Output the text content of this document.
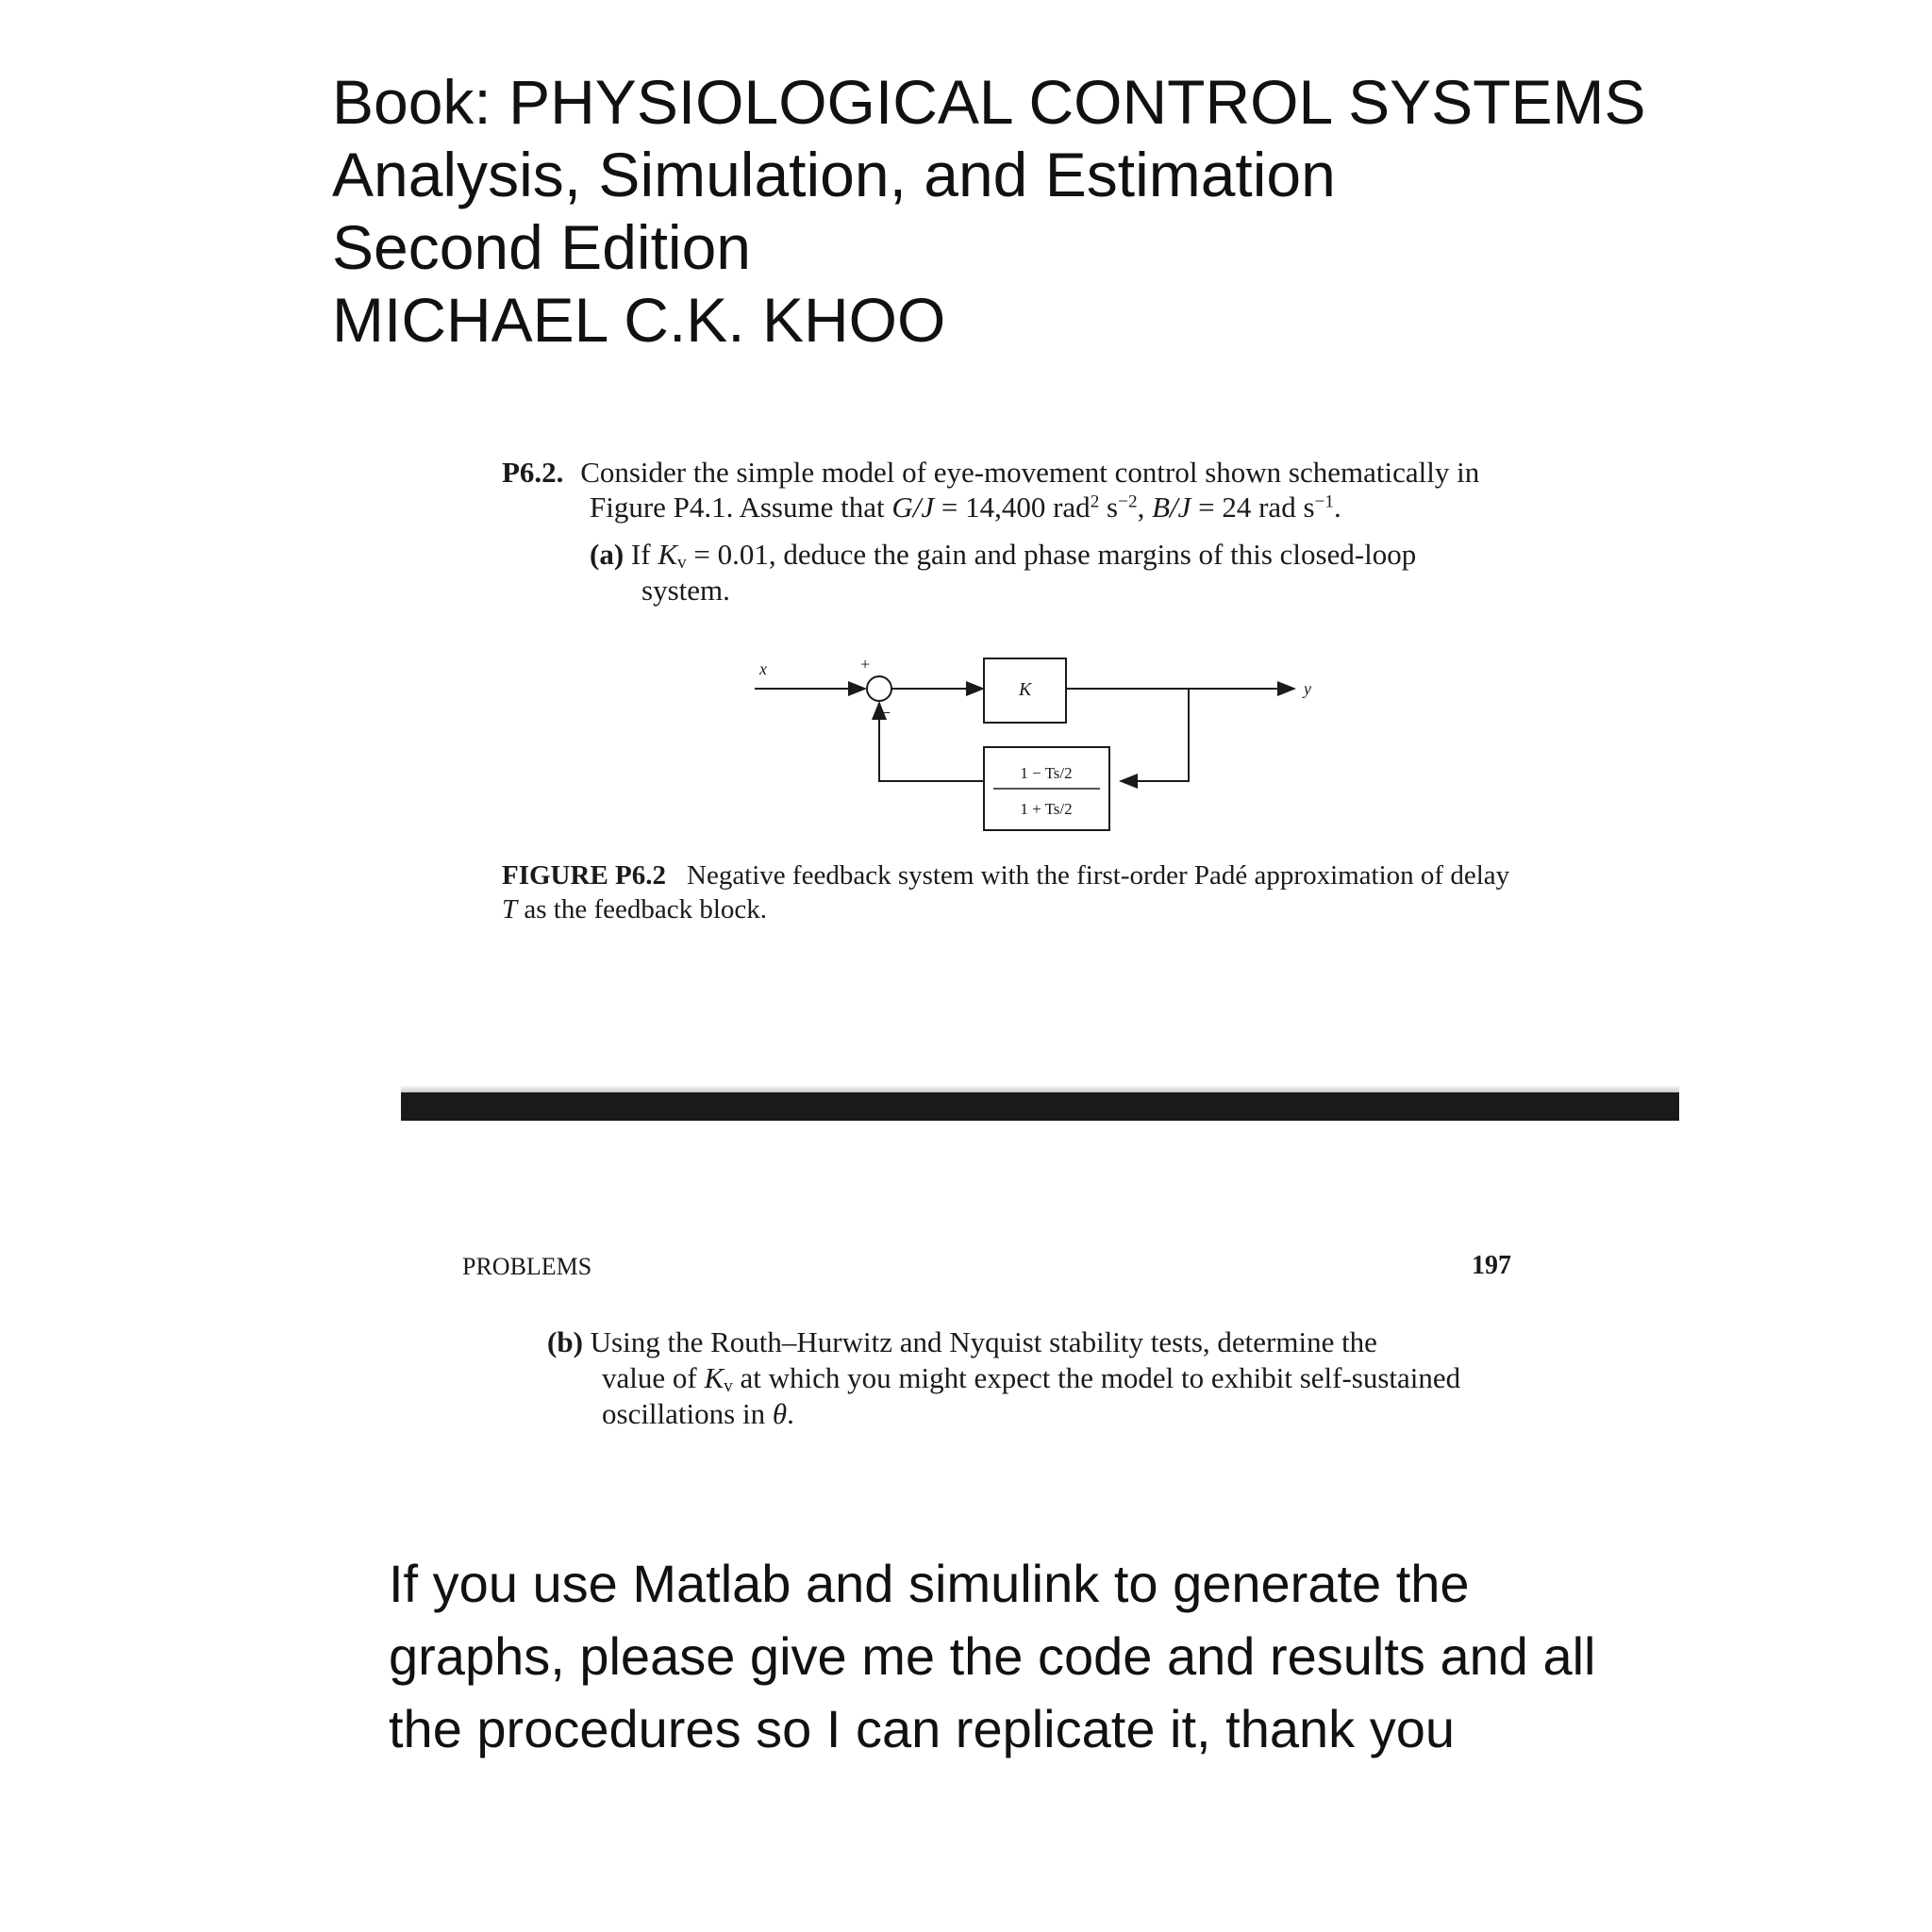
Book: PHYSIOLOGICAL CONTROL SYSTEMS
Analysis, Simulation, and Estimation
Second Edition
MICHAEL C.K. KHOO
P6.2. Consider the simple model of eye-movement control shown schematically in
Figure P4.1. Assume that G/J = 14,400 rad$^2$ $s^{-2}$, B/J = 24 rad $s^{-1}$.
(a) If $K_v = 0.01$, deduce the gain and phase margins of this closed-loop
system.
x	+
−
K	y
1 − Ts/2
1 + Ts/2
FIGURE P6.2 Negative feedback system with the first-order Padé approximation of delay
T as the feedback block.
PROBLEMS	197
(b) Using the Routh–Hurwitz and Nyquist stability tests, determine the
value of $K_v$ at which you might expect the model to exhibit self-sustained
oscillations in θ.
If you use Matlab and simulink to generate the
graphs, please give me the code and results and all
the procedures so I can replicate it, thank you
